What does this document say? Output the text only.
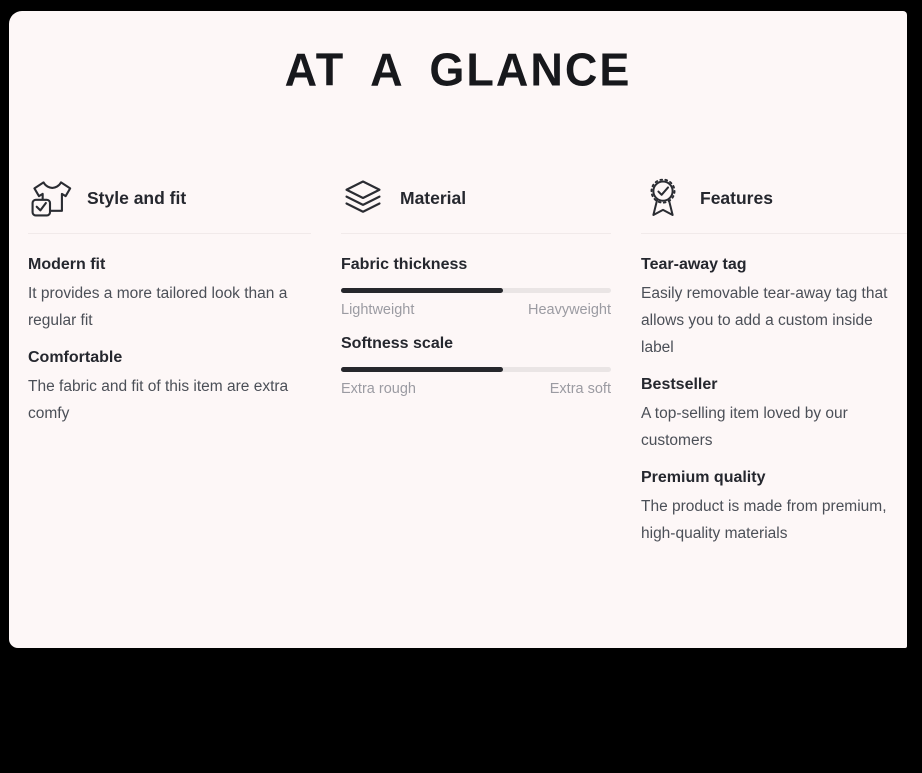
AT A GLANCE
Style and fit
Modern fit

It provides a more tailored look than a regular fit

Comfortable

The fabric and fit of this item are extra comfy

Material
Fabric thickness
Lightweight	Heavyweight
Softness scale
Extra rough	Extra soft
Features
Tear-away tag

Easily removable tear-away tag that allows you to add a custom inside label

Bestseller

A top-selling item loved by our customers

Premium quality

The product is made from premium, high-quality materials
